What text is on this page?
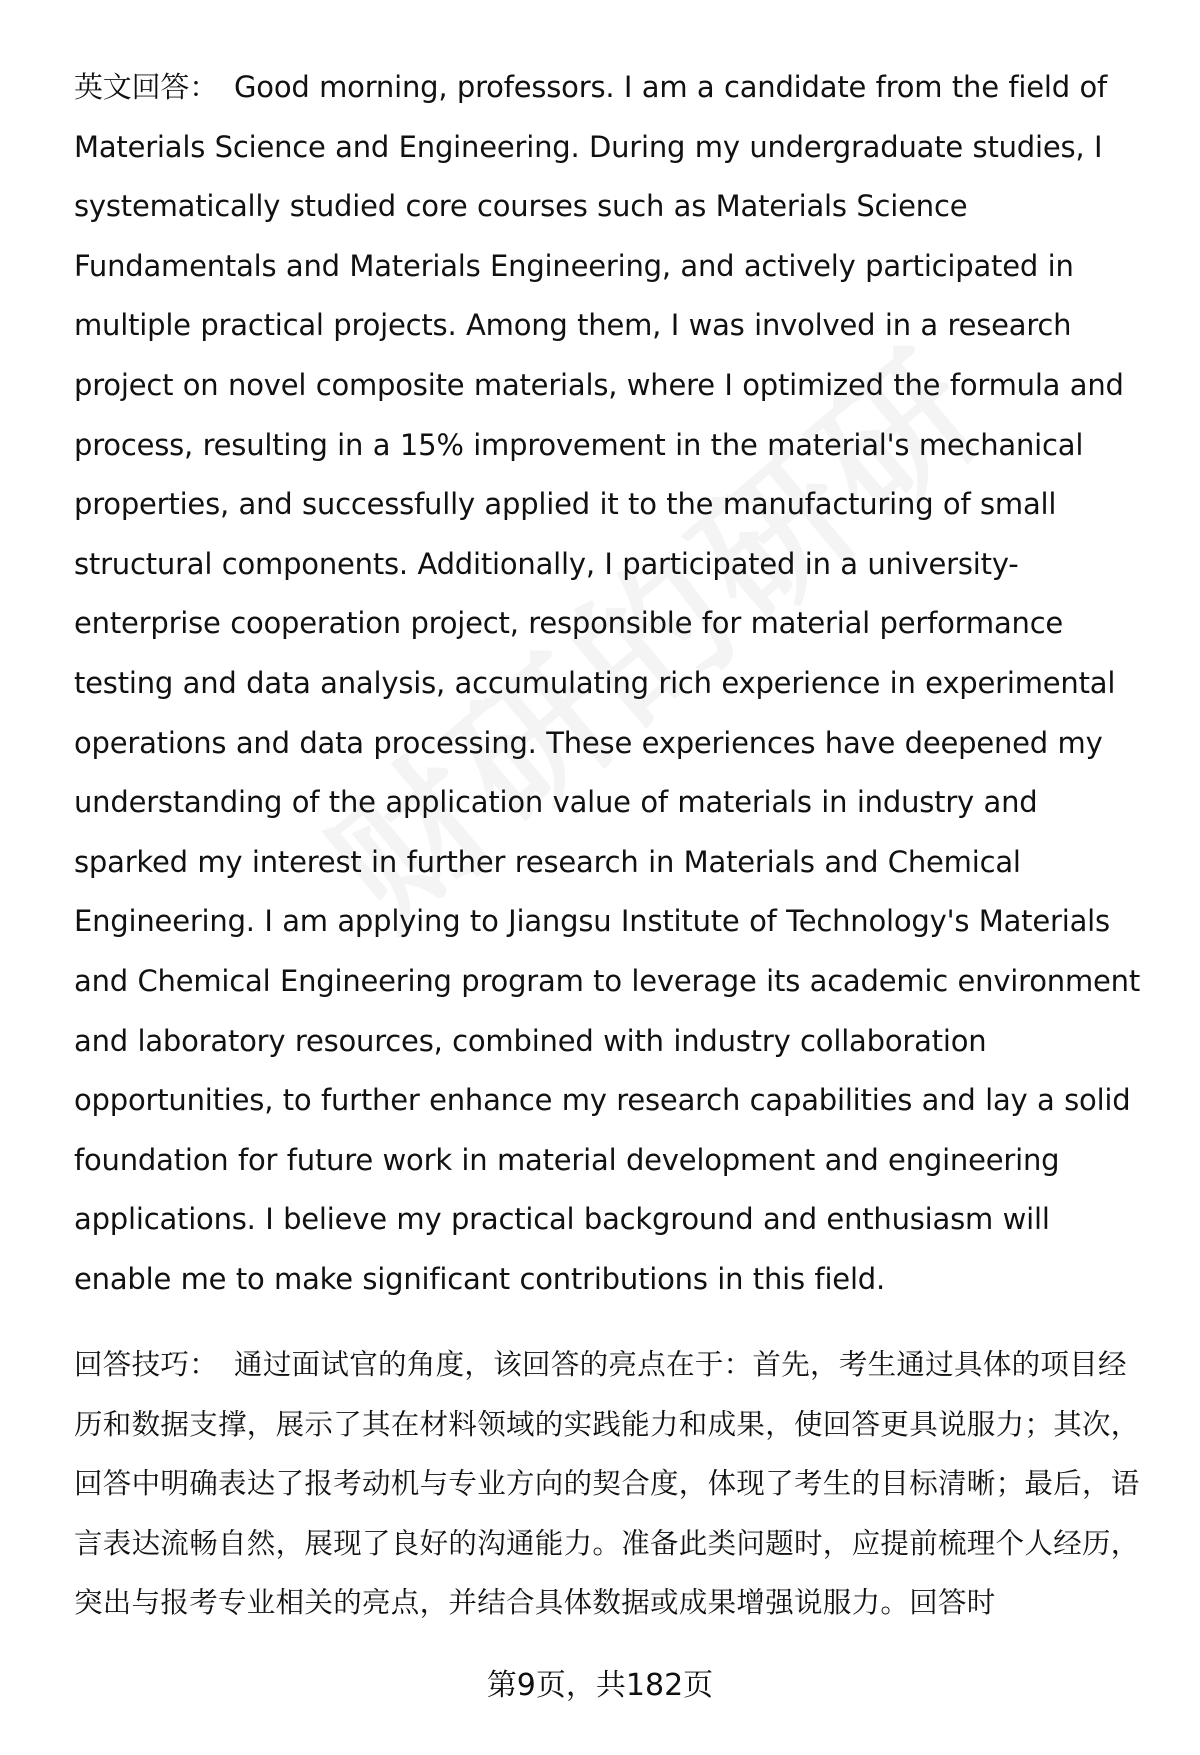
英文回答： Good morning, professors. I am a candidate from the field of Materials Science and Engineering. During my undergraduate studies, I systematically studied core courses such as Materials Science Fundamentals and Materials Engineering, and actively participated in multiple practical projects. Among them, I was involved in a research project on novel composite materials, where I optimized the formula and process, resulting in a 15% improvement in the material's mechanical properties, and successfully applied it to the manufacturing of small structural components. Additionally, I participated in a university-enterprise cooperation project, responsible for material performance testing and data analysis, accumulating rich experience in experimental operations and data processing. These experiences have deepened my understanding of the application value of materials in industry and sparked my interest in further research in Materials and Chemical Engineering. I am applying to Jiangsu Institute of Technology's Materials and Chemical Engineering program to leverage its academic environment and laboratory resources, combined with industry collaboration opportunities, to further enhance my research capabilities and lay a solid foundation for future work in material development and engineering applications. I believe my practical background and enthusiasm will enable me to make significant contributions in this field.

回答技巧： 通过面试官的角度，该回答的亮点在于：首先，考生通过具体的项目经历和数据支撑，展示了其在材料领域的实践能力和成果，使回答更具说服力；其次，回答中明确表达了报考动机与专业方向的契合度，体现了考生的目标清晰；最后，语言表达流畅自然，展现了良好的沟通能力。准备此类问题时，应提前梳理个人经历，突出与报考专业相关的亮点，并结合具体数据或成果增强说服力。回答时

第9页，共182页
